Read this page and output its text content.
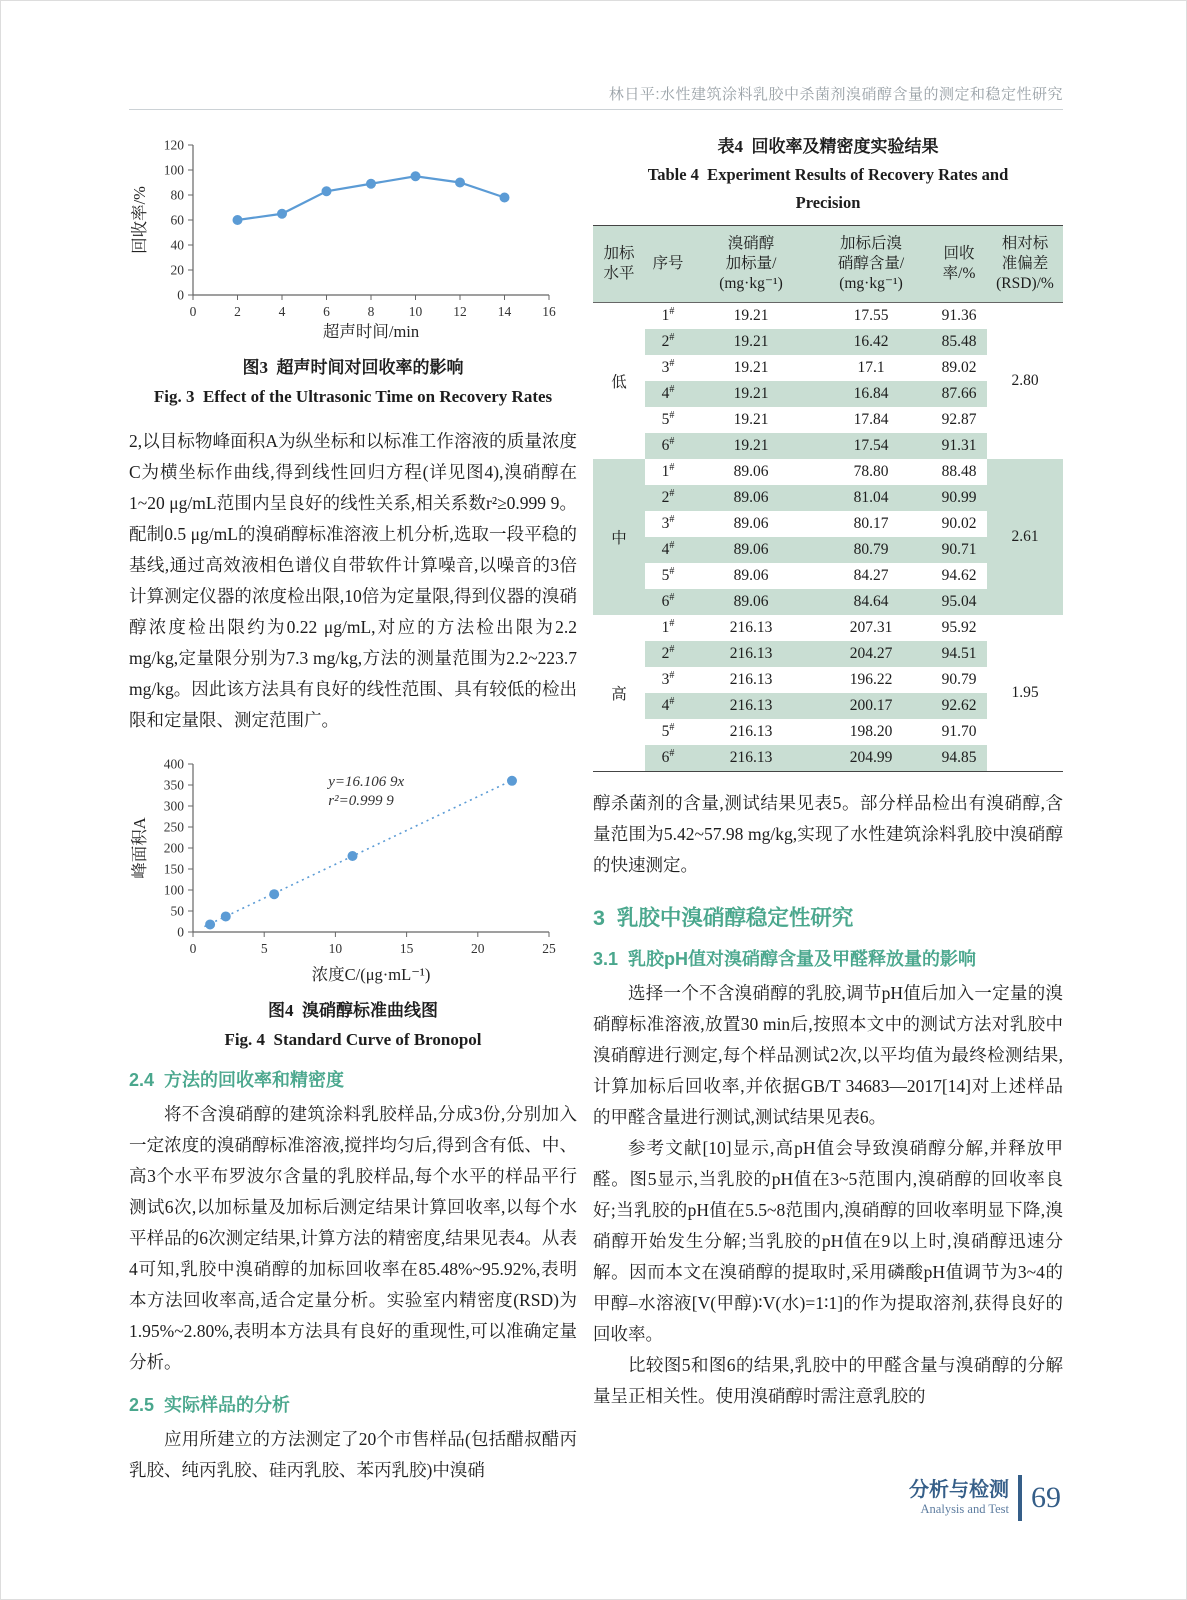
林日平:水性建筑涂料乳胶中杀菌剂溴硝醇含量的测定和稳定性研究
0	2	4	6	8	10 12 14 16
0
20
40
60
80
100
120
超声时间/min
回收率/%
图3  超声时间对回收率的影响
Fig. 3  Effect of the Ultrasonic Time on Recovery Rates

2,以目标物峰面积A为纵坐标和以标准工作溶液的质量浓度C为横坐标作曲线,得到线性回归方程(详见图4),溴硝醇在1~20 μg/mL范围内呈良好的线性关系,相关系数r²≥0.999 9。配制0.5 μg/mL的溴硝醇标准溶液上机分析,选取一段平稳的基线,通过高效液相色谱仪自带软件计算噪音,以噪音的3倍计算测定仪器的浓度检出限,10倍为定量限,得到仪器的溴硝醇浓度检出限约为0.22 μg/mL,对应的方法检出限为2.2 mg/kg,定量限分别为7.3 mg/kg,方法的测量范围为2.2~223.7 mg/kg。因此该方法具有良好的线性范围、具有较低的检出限和定量限、测定范围广。

0	5	10	15	20	25
0
50
100
150
200
250
300
350
400
浓度C/(μg·mL⁻¹)
峰面积A
y=16.106 9x
r²=0.999 9
图4  溴硝醇标准曲线图
Fig. 4  Standard Curve of Bronopol
2.4  方法的回收率和精密度

将不含溴硝醇的建筑涂料乳胶样品,分成3份,分别加入一定浓度的溴硝醇标准溶液,搅拌均匀后,得到含有低、中、高3个水平布罗波尔含量的乳胶样品,每个水平的样品平行测试6次,以加标量及加标后测定结果计算回收率,以每个水平样品的6次测定结果,计算方法的精密度,结果见表4。从表4可知,乳胶中溴硝醇的加标回收率在85.48%~95.92%,表明本方法回收率高,适合定量分析。实验室内精密度(RSD)为1.95%~2.80%,表明本方法具有良好的重现性,可以准确定量分析。

2.5  实际样品的分析

应用所建立的方法测定了20个市售样品(包括醋叔醋丙乳胶、纯丙乳胶、硅丙乳胶、苯丙乳胶)中溴硝

表4  回收率及精密度实验结果

Table 4  Experiment Results of Recovery Rates and Precision

加标
水平	序号	溴硝醇
加标量/
(mg·kg⁻¹)	加标后溴
硝醇含量/
(mg·kg⁻¹)	回收
率/%	相对标
准偏差
(RSD)/%
低	1#	19.21	17.55	91.36	2.80
	2#	19.21	16.42	85.48	
	3#	19.21	17.1	89.02	
	4#	19.21	16.84	87.66	
	5#	19.21	17.84	92.87	
	6#	19.21	17.54	91.31	
中	1#	89.06	78.80	88.48	2.61
	2#	89.06	81.04	90.99	
	3#	89.06	80.17	90.02	
	4#	89.06	80.79	90.71	
	5#	89.06	84.27	94.62	
	6#	89.06	84.64	95.04	
高	1#	216.13	207.31	95.92	1.95
	2#	216.13	204.27	94.51	
	3#	216.13	196.22	90.79	
	4#	216.13	200.17	92.62	
	5#	216.13	198.20	91.70	
	6#	216.13	204.99	94.85	

醇杀菌剂的含量,测试结果见表5。部分样品检出有溴硝醇,含量范围为5.42~57.98 mg/kg,实现了水性建筑涂料乳胶中溴硝醇的快速测定。

3  乳胶中溴硝醇稳定性研究
3.1  乳胶pH值对溴硝醇含量及甲醛释放量的影响

选择一个不含溴硝醇的乳胶,调节pH值后加入一定量的溴硝醇标准溶液,放置30 min后,按照本文中的测试方法对乳胶中溴硝醇进行测定,每个样品测试2次,以平均值为最终检测结果,计算加标后回收率,并依据GB/T 34683—2017[14]对上述样品的甲醛含量进行测试,测试结果见表6。

参考文献[10]显示,高pH值会导致溴硝醇分解,并释放甲醛。图5显示,当乳胶的pH值在3~5范围内,溴硝醇的回收率良好;当乳胶的pH值在5.5~8范围内,溴硝醇的回收率明显下降,溴硝醇开始发生分解;当乳胶的pH值在9以上时,溴硝醇迅速分解。因而本文在溴硝醇的提取时,采用磷酸pH值调节为3~4的甲醇–水溶液[V(甲醇)∶V(水)=1∶1]的作为提取溶剂,获得良好的回收率。

比较图5和图6的结果,乳胶中的甲醛含量与溴硝醇的分解量呈正相关性。使用溴硝醇时需注意乳胶的

分析与检测
Analysis and Test 69
